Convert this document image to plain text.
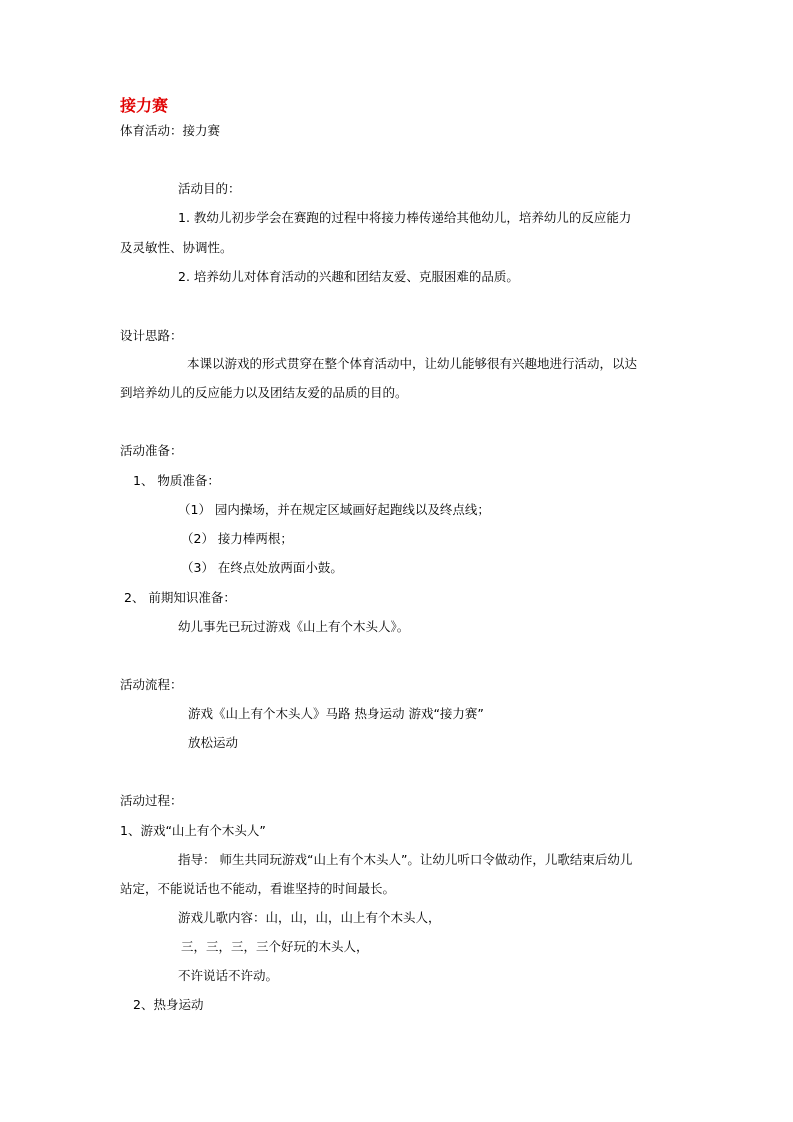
接力赛
体育活动：接力赛
活动目的：
1. 教幼儿初步学会在赛跑的过程中将接力棒传递给其他幼儿，培养幼儿的反应能力
及灵敏性、协调性。
2. 培养幼儿对体育活动的兴趣和团结友爱、克服困难的品质。
设计思路：
本课以游戏的形式贯穿在整个体育活动中，让幼儿能够很有兴趣地进行活动，以达
到培养幼儿的反应能力以及团结友爱的品质的目的。
活动准备：
1、 物质准备：
（1） 园内操场，并在规定区域画好起跑线以及终点线；
（2） 接力棒两根；
（3） 在终点处放两面小鼓。
2、 前期知识准备：
幼儿事先已玩过游戏《山上有个木头人》。
活动流程：
游戏《山上有个木头人》马路 热身运动 游戏“接力赛”
放松运动
活动过程：
1、游戏“山上有个木头人”
指导： 师生共同玩游戏“山上有个木头人”。让幼儿听口令做动作，儿歌结束后幼儿
站定，不能说话也不能动，看谁坚持的时间最长。
游戏儿歌内容：山，山，山，山上有个木头人，
三，三，三，三个好玩的木头人，
不许说话不许动。
2、热身运动
